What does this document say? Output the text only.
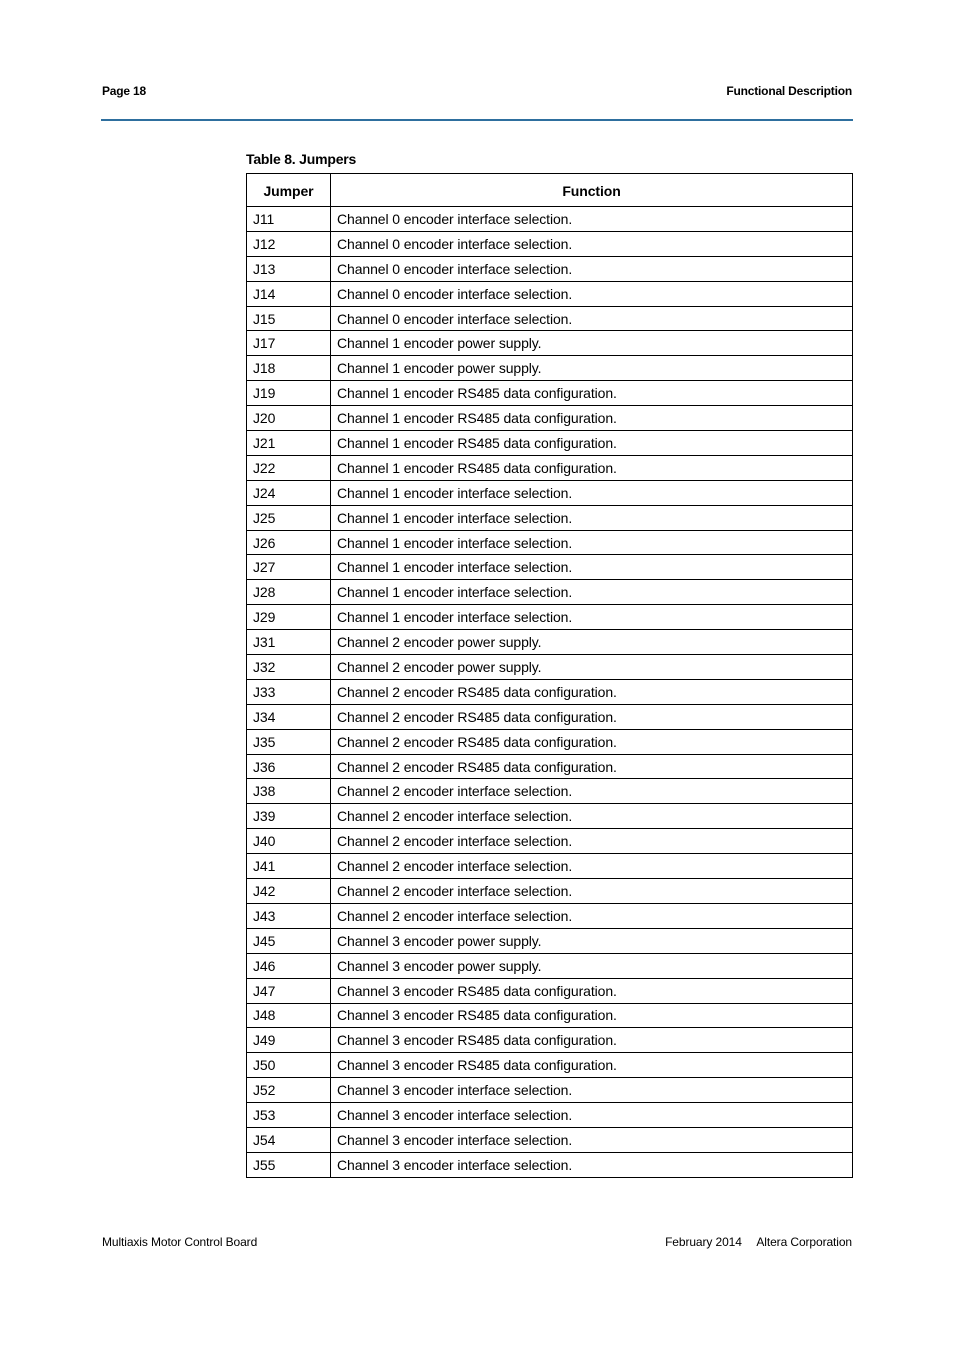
Page 18	Functional Description
Table 8. Jumpers
Jumper	Function
J11	Channel 0 encoder interface selection.
J12	Channel 0 encoder interface selection.
J13	Channel 0 encoder interface selection.
J14	Channel 0 encoder interface selection.
J15	Channel 0 encoder interface selection.
J17	Channel 1 encoder power supply.
J18	Channel 1 encoder power supply.
J19	Channel 1 encoder RS485 data configuration.
J20	Channel 1 encoder RS485 data configuration.
J21	Channel 1 encoder RS485 data configuration.
J22	Channel 1 encoder RS485 data configuration.
J24	Channel 1 encoder interface selection.
J25	Channel 1 encoder interface selection.
J26	Channel 1 encoder interface selection.
J27	Channel 1 encoder interface selection.
J28	Channel 1 encoder interface selection.
J29	Channel 1 encoder interface selection.
J31	Channel 2 encoder power supply.
J32	Channel 2 encoder power supply.
J33	Channel 2 encoder RS485 data configuration.
J34	Channel 2 encoder RS485 data configuration.
J35	Channel 2 encoder RS485 data configuration.
J36	Channel 2 encoder RS485 data configuration.
J38	Channel 2 encoder interface selection.
J39	Channel 2 encoder interface selection.
J40	Channel 2 encoder interface selection.
J41	Channel 2 encoder interface selection.
J42	Channel 2 encoder interface selection.
J43	Channel 2 encoder interface selection.
J45	Channel 3 encoder power supply.
J46	Channel 3 encoder power supply.
J47	Channel 3 encoder RS485 data configuration.
J48	Channel 3 encoder RS485 data configuration.
J49	Channel 3 encoder RS485 data configuration.
J50	Channel 3 encoder RS485 data configuration.
J52	Channel 3 encoder interface selection.
J53	Channel 3 encoder interface selection.
J54	Channel 3 encoder interface selection.
J55	Channel 3 encoder interface selection.
Multiaxis Motor Control Board	February 2014 Altera Corporation
